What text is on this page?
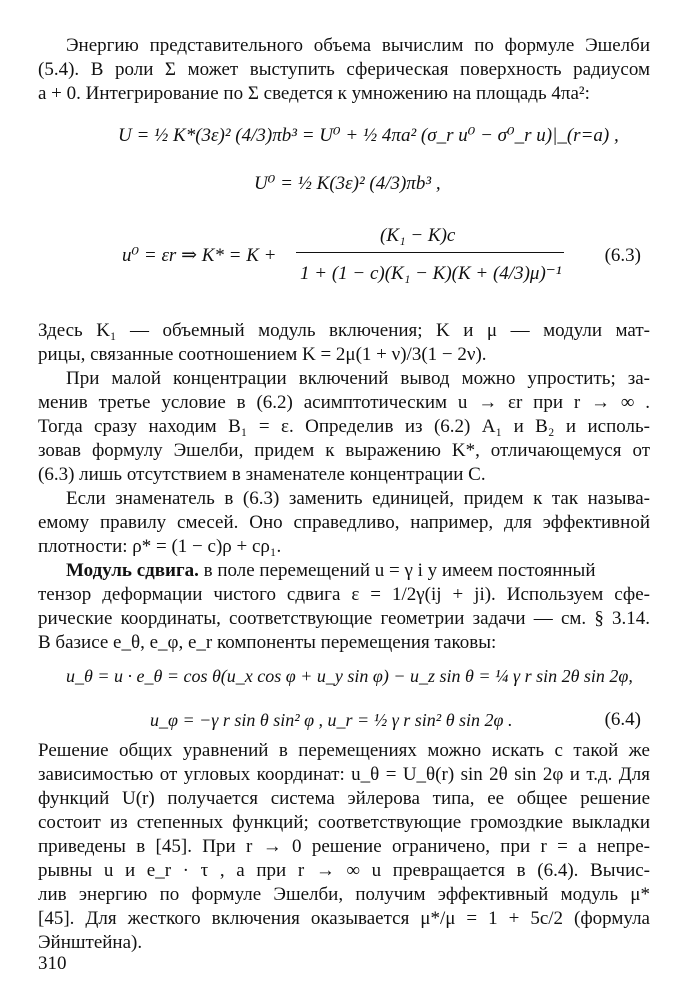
Энергию представительного объема вычислим по формуле Эшелби
(5.4). В роли Σ может выступить сферическая поверхность радиусом
a + 0. Интегрирование по Σ сведется к умножению на площадь 4πa²:
U = ½ K*(3ε)² (4/3)πb³ = U⁰ + ½ 4πa² (σ_r u⁰ − σ⁰_r u)|_(r=a) ,
U⁰ = ½ K(3ε)² (4/3)πb³ ,
u⁰ = εr ⇒ K* = K +
(K₁ − K)c
1 + (1 − c)(K₁ − K)(K + (4/3)μ)⁻¹
(6.3)
Здесь K₁ — объемный модуль включения; K и μ — модули мат-
рицы, связанные соотношением K = 2μ(1 + ν)/3(1 − 2ν).
При малой концентрации включений вывод можно упростить; за-
менив третье условие в (6.2) асимптотическим u → εr при r → ∞ .
Тогда сразу находим B₁ = ε. Определив из (6.2) A₁ и B₂ и исполь-
зовав формулу Эшелби, придем к выражению K*, отличающемуся от
(6.3) лишь отсутствием в знаменателе концентрации C.
Если знаменатель в (6.3) заменить единицей, придем к так называ-
емому правилу смесей. Оно справедливо, например, для эффективной
плотности: ρ* = (1 − c)ρ + cρ₁.
Модуль сдвига. в поле перемещений u = γ i y имеем постоянный
тензор деформации чистого сдвига ε = 1/2γ(ij + ji). Используем сфе-
рические координаты, соответствующие геометрии задачи — см. § 3.14.
В базисе e_θ, e_φ, e_r компоненты перемещения таковы:
u_θ = u · e_θ = cos θ(u_x cos φ + u_y sin φ) − u_z sin θ = ¼ γ r sin 2θ sin 2φ,
u_φ = −γ r sin θ sin² φ , u_r = ½ γ r sin² θ sin 2φ .	(6.4)
Решение общих уравнений в перемещениях можно искать с такой же
зависимостью от угловых координат: u_θ = U_θ(r) sin 2θ sin 2φ и т.д. Для
функций U(r) получается система эйлерова типа, ее общее решение
состоит из степенных функций; соответствующие громоздкие выкладки
приведены в [45]. При r → 0 решение ограничено, при r = a непре-
рывны u и e_r · τ , а при r → ∞ u превращается в (6.4). Вычис-
лив энергию по формуле Эшелби, получим эффективный модуль μ*
[45]. Для жесткого включения оказывается μ*/μ = 1 + 5c/2 (формула
Эйнштейна).
310
